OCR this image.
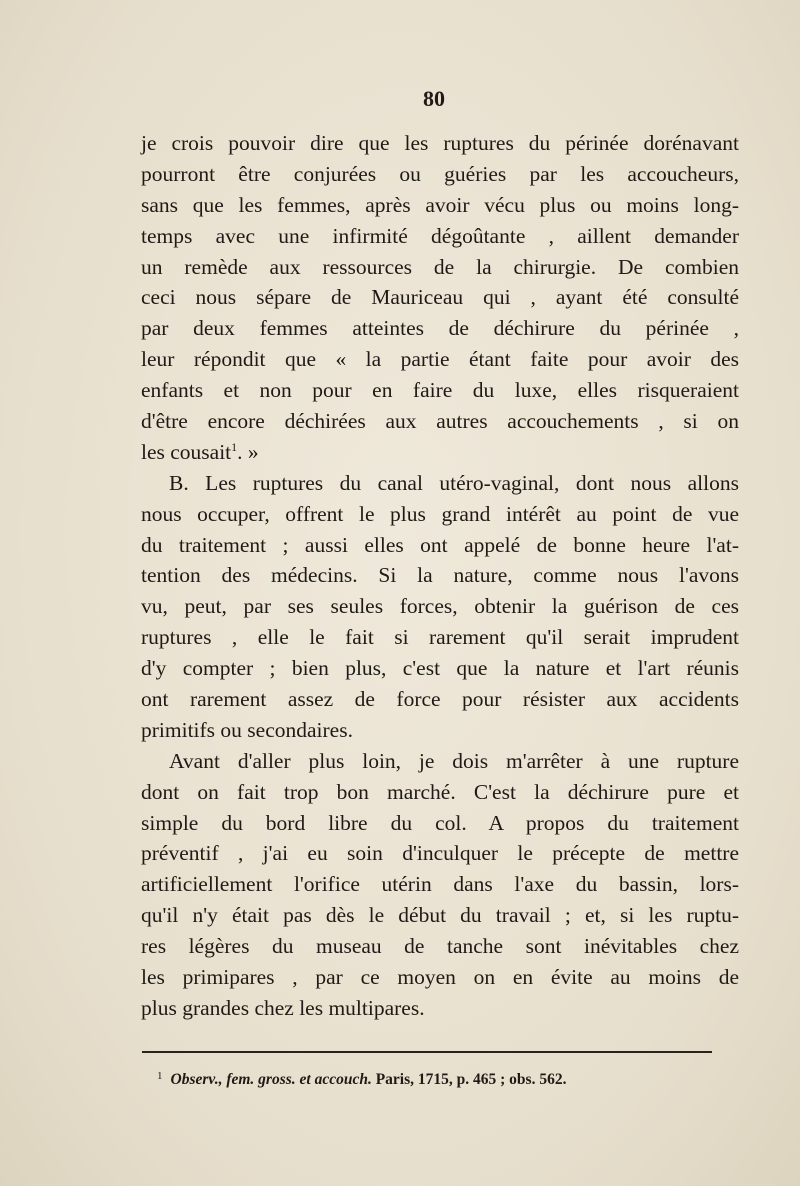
80
je crois pouvoir dire que les ruptures du périnée dorénavant
pourront être conjurées ou guéries par les accoucheurs,
sans que les femmes, après avoir vécu plus ou moins long-
temps avec une infirmité dégoûtante , aillent demander
un remède aux ressources de la chirurgie. De combien
ceci nous sépare de Mauriceau qui , ayant été consulté
par deux femmes atteintes de déchirure du périnée ,
leur répondit que « la partie étant faite pour avoir des
enfants et non pour en faire du luxe, elles risqueraient
d'être encore déchirées aux autres accouchements , si on
les cousait$^1$. »
B. Les ruptures du canal utéro-vaginal, dont nous allons
nous occuper, offrent le plus grand intérêt au point de vue
du traitement ; aussi elles ont appelé de bonne heure l'at-
tention des médecins. Si la nature, comme nous l'avons
vu, peut, par ses seules forces, obtenir la guérison de ces
ruptures , elle le fait si rarement qu'il serait imprudent
d'y compter ; bien plus, c'est que la nature et l'art réunis
ont rarement assez de force pour résister aux accidents
primitifs ou secondaires.
Avant d'aller plus loin, je dois m'arrêter à une rupture
dont on fait trop bon marché. C'est la déchirure pure et
simple du bord libre du col. A propos du traitement
préventif , j'ai eu soin d'inculquer le précepte de mettre
artificiellement l'orifice utérin dans l'axe du bassin, lors-
qu'il n'y était pas dès le début du travail ; et, si les ruptu-
res légères du museau de tanche sont inévitables chez
les primipares , par ce moyen on en évite au moins de
plus grandes chez les multipares.
$^1$ Observ., fem. gross. et accouch. Paris, 1715, p. 465 ; obs. 562.
